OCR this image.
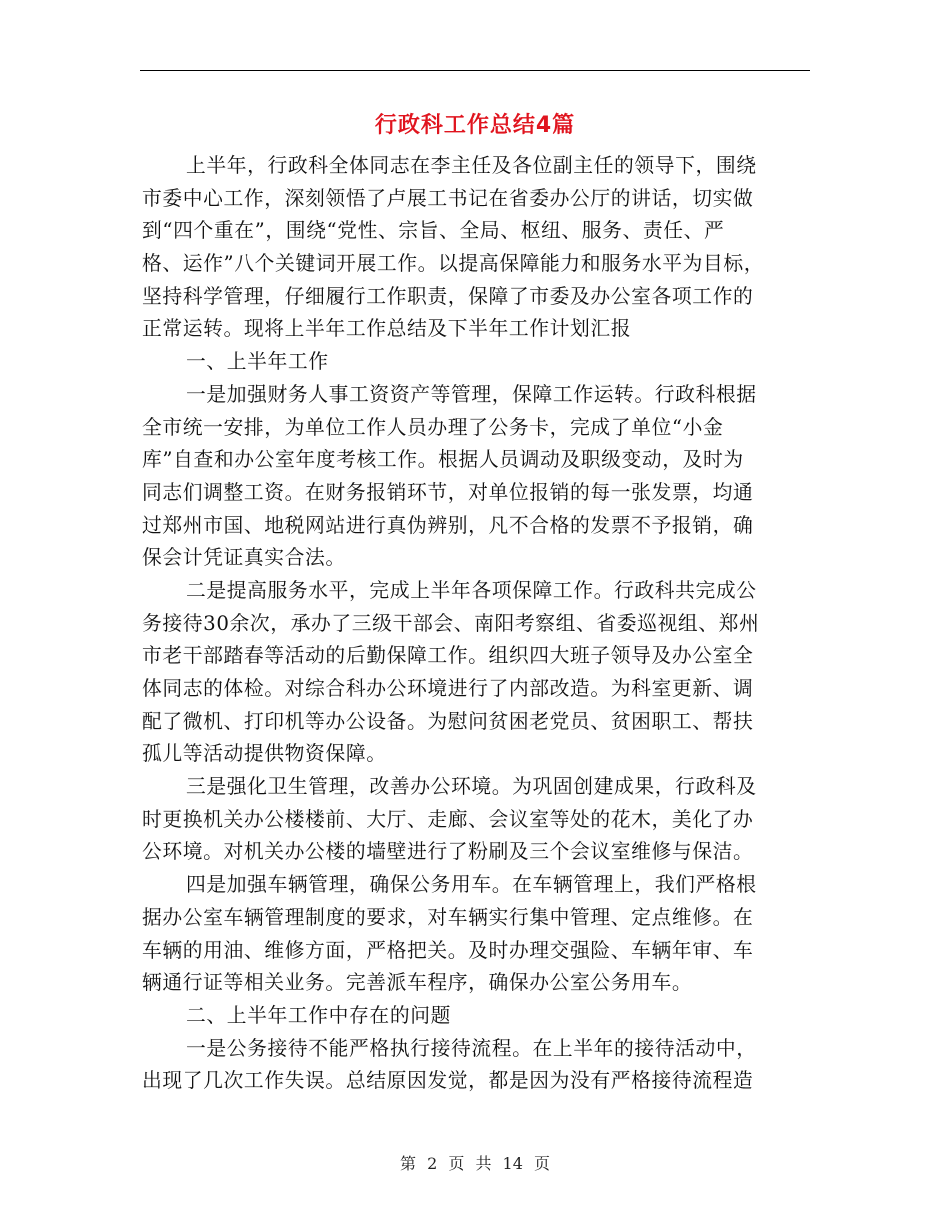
行政科工作总结4篇
上半年，行政科全体同志在李主任及各位副主任的领导下，围绕
市委中心工作，深刻领悟了卢展工书记在省委办公厅的讲话，切实做
到“四个重在”，围绕“党性、宗旨、全局、枢纽、服务、责任、严
格、运作”八个关键词开展工作。以提高保障能力和服务水平为目标，
坚持科学管理，仔细履行工作职责，保障了市委及办公室各项工作的
正常运转。现将上半年工作总结及下半年工作计划汇报
一、上半年工作
一是加强财务人事工资资产等管理，保障工作运转。行政科根据
全市统一安排，为单位工作人员办理了公务卡，完成了单位“小金
库”自查和办公室年度考核工作。根据人员调动及职级变动，及时为
同志们调整工资。在财务报销环节，对单位报销的每一张发票，均通
过郑州市国、地税网站进行真伪辨别，凡不合格的发票不予报销，确
保会计凭证真实合法。
二是提高服务水平，完成上半年各项保障工作。行政科共完成公
务接待30余次，承办了三级干部会、南阳考察组、省委巡视组、郑州
市老干部踏春等活动的后勤保障工作。组织四大班子领导及办公室全
体同志的体检。对综合科办公环境进行了内部改造。为科室更新、调
配了微机、打印机等办公设备。为慰问贫困老党员、贫困职工、帮扶
孤儿等活动提供物资保障。
三是强化卫生管理，改善办公环境。为巩固创建成果，行政科及
时更换机关办公楼楼前、大厅、走廊、会议室等处的花木，美化了办
公环境。对机关办公楼的墙壁进行了粉刷及三个会议室维修与保洁。
四是加强车辆管理，确保公务用车。在车辆管理上，我们严格根
据办公室车辆管理制度的要求，对车辆实行集中管理、定点维修。在
车辆的用油、维修方面，严格把关。及时办理交强险、车辆年审、车
辆通行证等相关业务。完善派车程序，确保办公室公务用车。
二、上半年工作中存在的问题
一是公务接待不能严格执行接待流程。在上半年的接待活动中，
出现了几次工作失误。总结原因发觉，都是因为没有严格接待流程造
第 2 页 共 14 页
